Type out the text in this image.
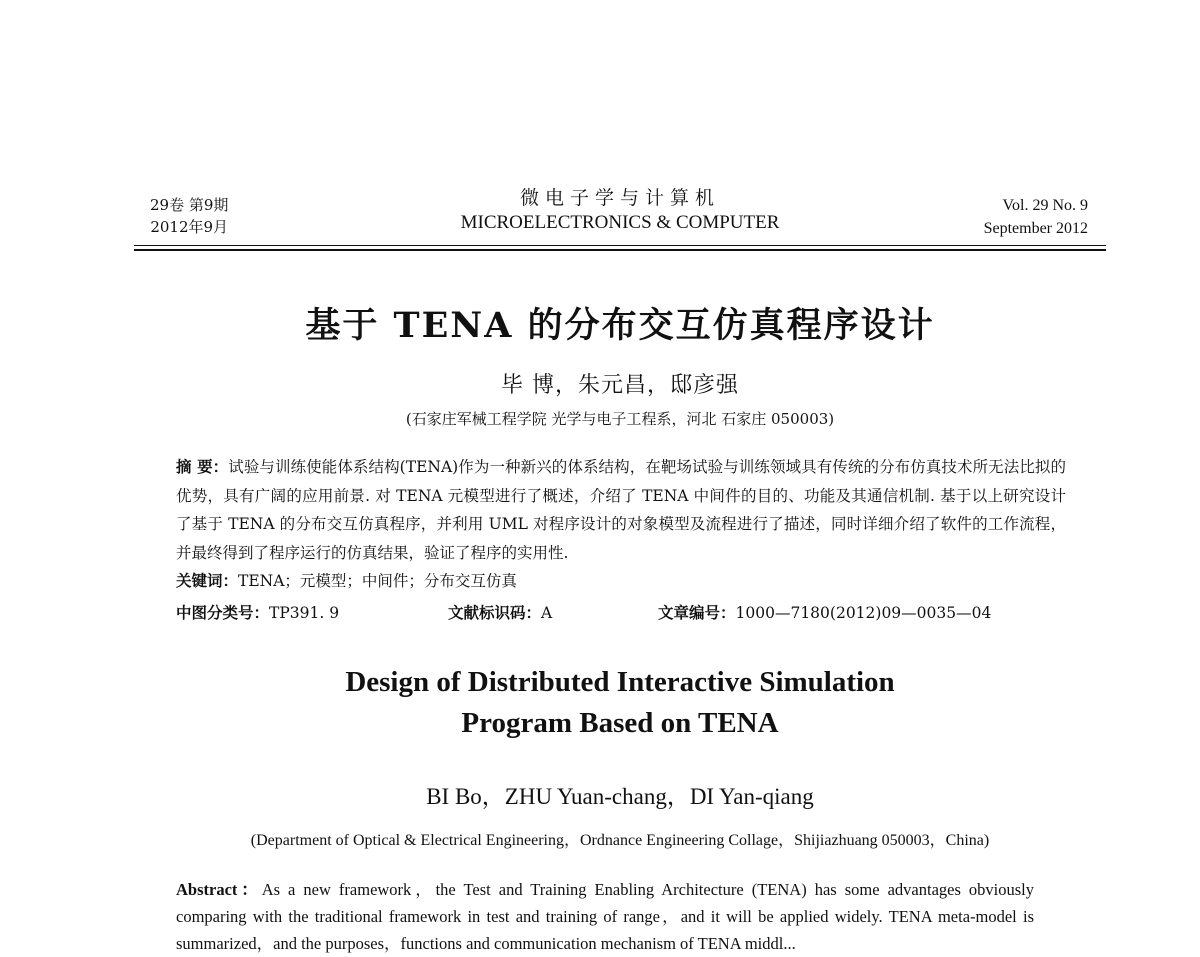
29卷 第9期
2012年9月
微电子学与计算机
MICROELECTRONICS & COMPUTER
Vol. 29 No. 9
September 2012
基于 TENA 的分布交互仿真程序设计
毕 博，朱元昌，邸彦强
(石家庄军械工程学院 光学与电子工程系，河北 石家庄 050003)
摘 要：试验与训练使能体系结构(TENA)作为一种新兴的体系结构，在靶场试验与训练领域具有传统的分布仿真技术所无法比拟的优势，具有广阔的应用前景. 对 TENA 元模型进行了概述，介绍了 TENA 中间件的目的、功能及其通信机制. 基于以上研究设计了基于 TENA 的分布交互仿真程序，并利用 UML 对程序设计的对象模型及流程进行了描述，同时详细介绍了软件的工作流程，并最终得到了程序运行的仿真结果，验证了程序的实用性.
关键词：TENA；元模型；中间件；分布交互仿真
中图分类号：TP391. 9	文献标识码：A	文章编号：1000—7180(2012)09—0035—04
Design of Distributed Interactive Simulation
Program Based on TENA
BI Bo，ZHU Yuan-chang，DI Yan-qiang
(Department of Optical & Electrical Engineering，Ordnance Engineering Collage，Shijiazhuang 050003，China)
Abstract：As a new framework，the Test and Training Enabling Architecture (TENA) has some advantages obviously comparing with the traditional framework in test and training of range，and it will be applied widely. TENA meta-model is summarized，and the purposes，functions and communication mechanism of TENA middl...
